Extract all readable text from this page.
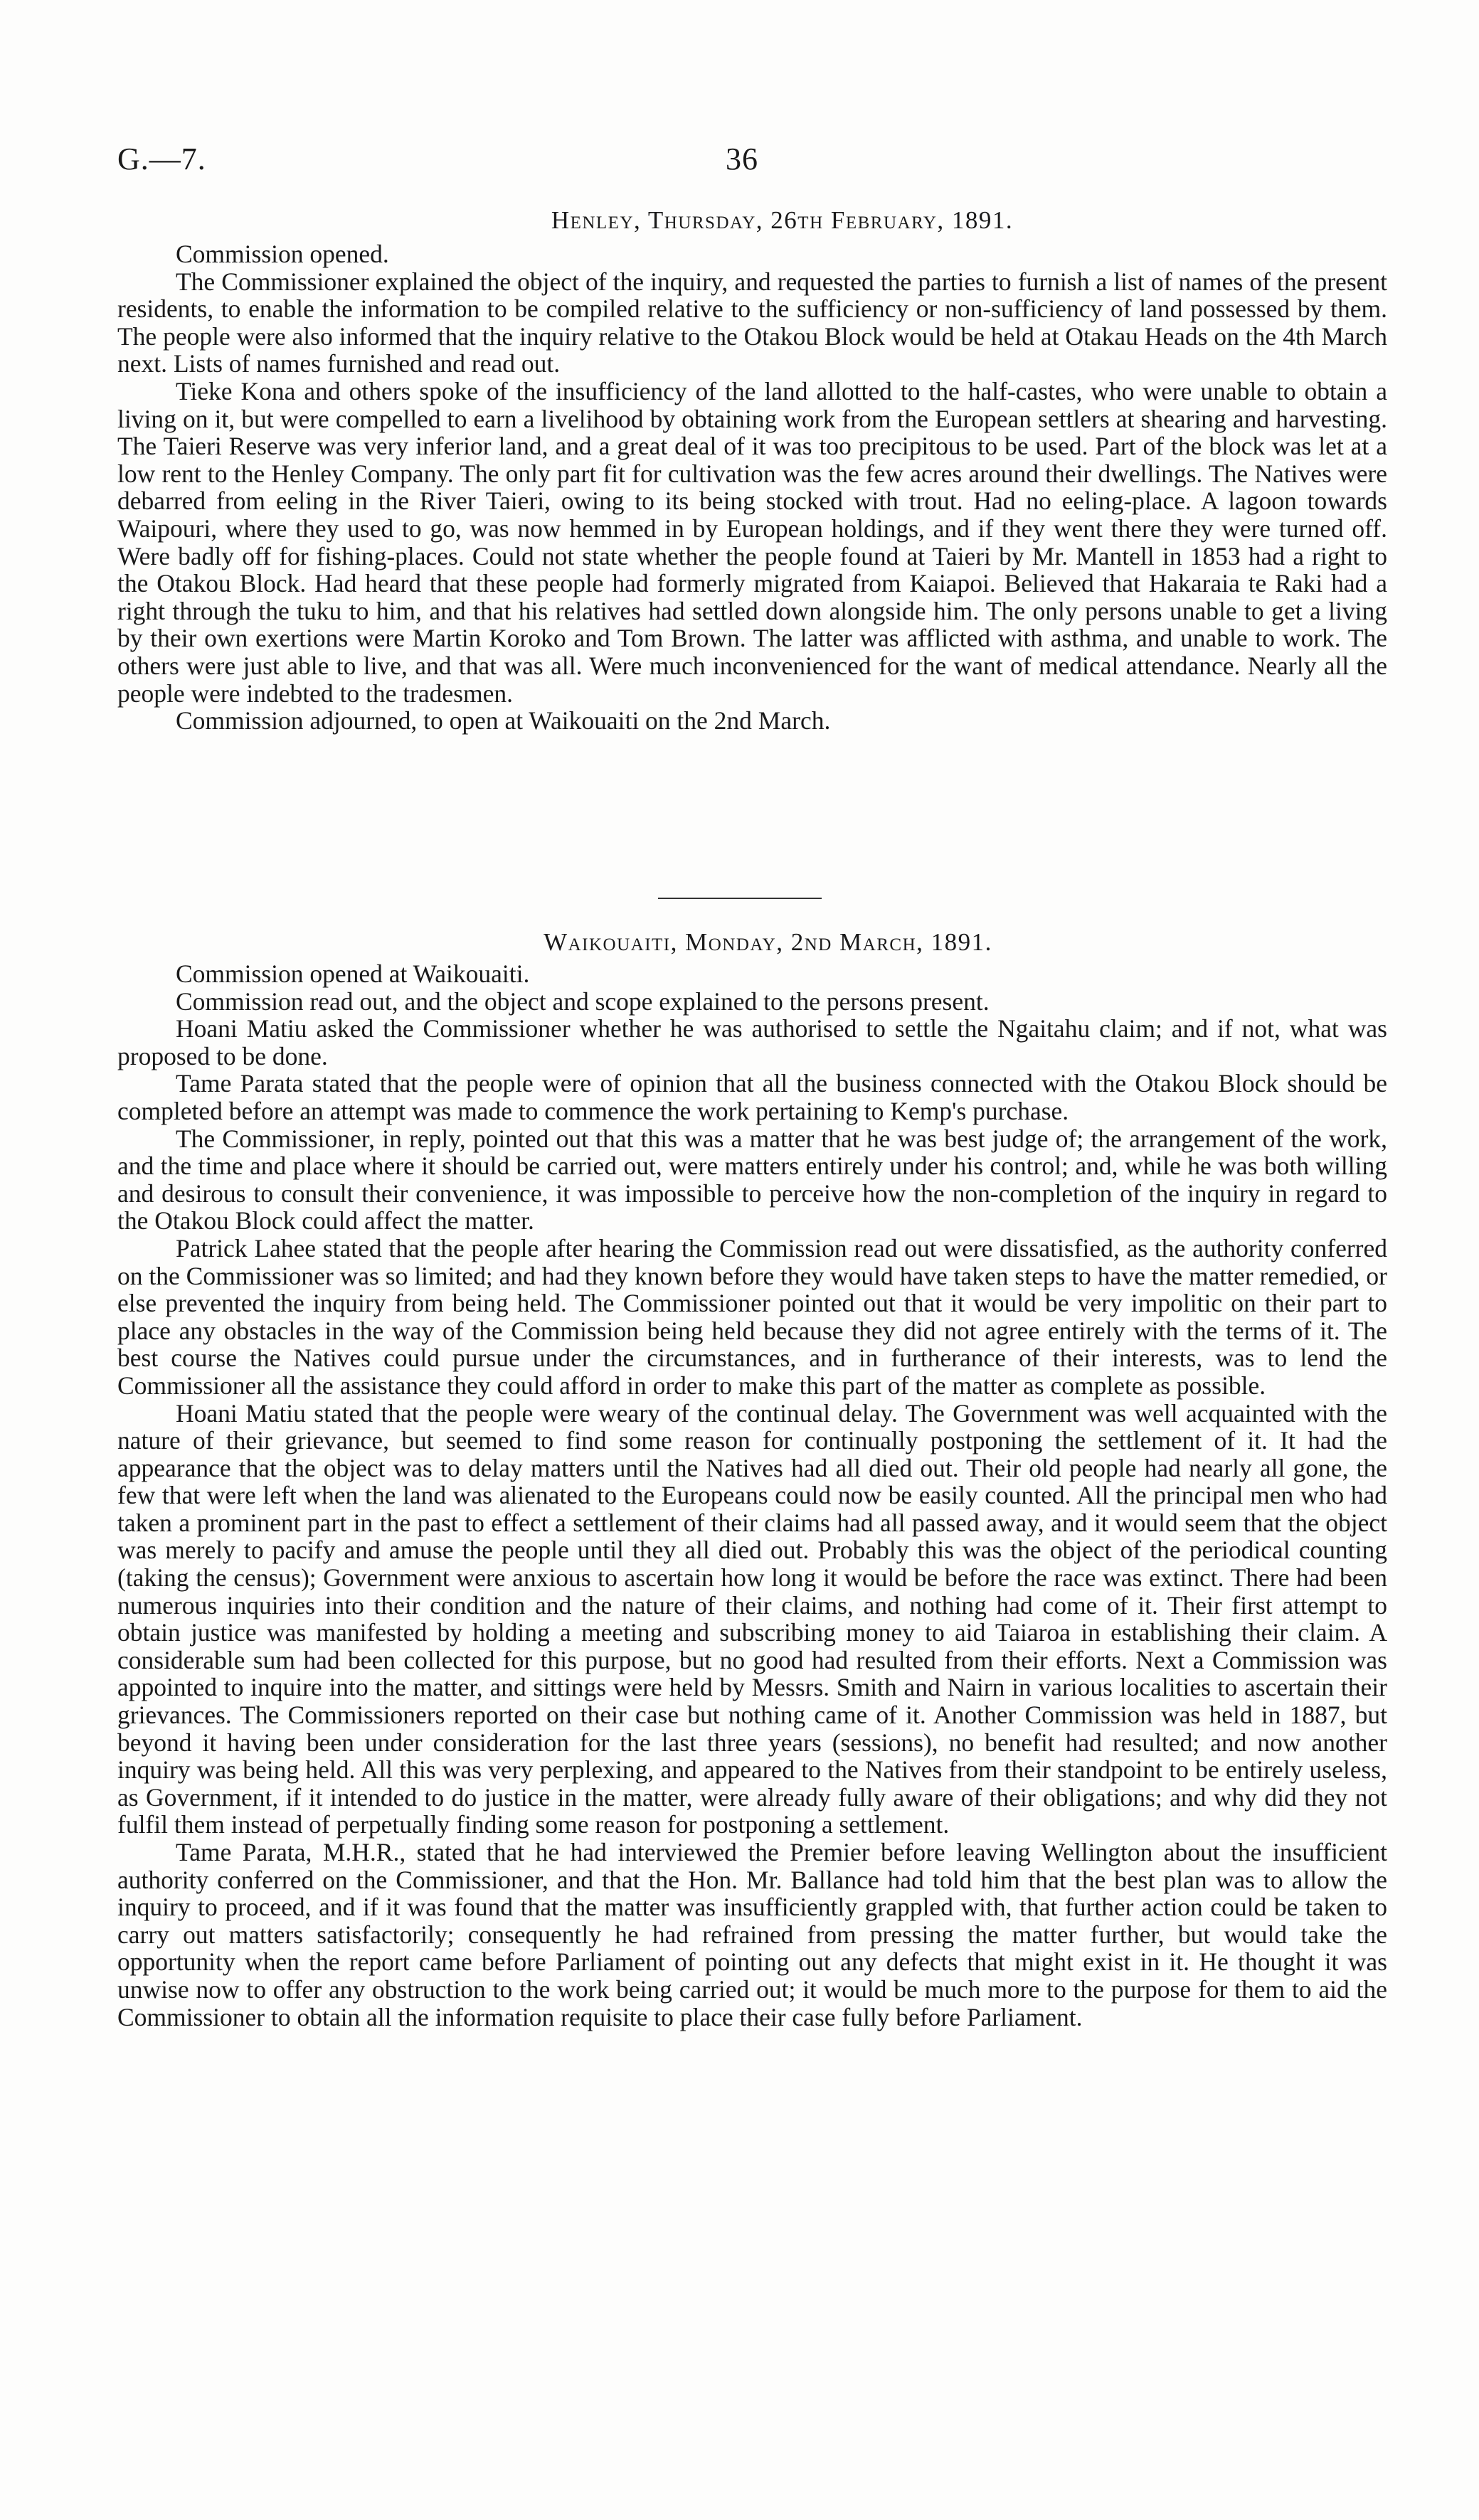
G.—7.	36
Henley, Thursday, 26th February, 1891.

Commission opened.

The Commissioner explained the object of the inquiry, and requested the parties to furnish a list of names of the present residents, to enable the information to be compiled relative to the sufficiency or non-sufficiency of land possessed by them. The people were also informed that the inquiry relative to the Otakou Block would be held at Otakau Heads on the 4th March next. Lists of names furnished and read out.

Tieke Kona and others spoke of the insufficiency of the land allotted to the half-castes, who were unable to obtain a living on it, but were compelled to earn a livelihood by obtaining work from the European settlers at shearing and harvesting. The Taieri Reserve was very inferior land, and a great deal of it was too precipitous to be used. Part of the block was let at a low rent to the Henley Company. The only part fit for cultivation was the few acres around their dwellings. The Natives were debarred from eeling in the River Taieri, owing to its being stocked with trout. Had no eeling-place. A lagoon towards Waipouri, where they used to go, was now hemmed in by European holdings, and if they went there they were turned off. Were badly off for fishing-places. Could not state whether the people found at Taieri by Mr. Mantell in 1853 had a right to the Otakou Block. Had heard that these people had formerly migrated from Kaiapoi. Believed that Hakaraia te Raki had a right through the tuku to him, and that his relatives had settled down alongside him. The only persons unable to get a living by their own exertions were Martin Koroko and Tom Brown. The latter was afflicted with asthma, and unable to work. The others were just able to live, and that was all. Were much inconvenienced for the want of medical attendance. Nearly all the people were indebted to the tradesmen.

Commission adjourned, to open at Waikouaiti on the 2nd March.

Waikouaiti, Monday, 2nd March, 1891.

Commission opened at Waikouaiti.

Commission read out, and the object and scope explained to the persons present.

Hoani Matiu asked the Commissioner whether he was authorised to settle the Ngaitahu claim; and if not, what was proposed to be done.

Tame Parata stated that the people were of opinion that all the business connected with the Otakou Block should be completed before an attempt was made to commence the work pertaining to Kemp's purchase.

The Commissioner, in reply, pointed out that this was a matter that he was best judge of; the arrangement of the work, and the time and place where it should be carried out, were matters entirely under his control; and, while he was both willing and desirous to consult their convenience, it was impossible to perceive how the non-completion of the inquiry in regard to the Otakou Block could affect the matter.

Patrick Lahee stated that the people after hearing the Commission read out were dissatisfied, as the authority conferred on the Commissioner was so limited; and had they known before they would have taken steps to have the matter remedied, or else prevented the inquiry from being held. The Commissioner pointed out that it would be very impolitic on their part to place any obstacles in the way of the Commission being held because they did not agree entirely with the terms of it. The best course the Natives could pursue under the circumstances, and in furtherance of their interests, was to lend the Commissioner all the assistance they could afford in order to make this part of the matter as complete as possible.

Hoani Matiu stated that the people were weary of the continual delay. The Government was well acquainted with the nature of their grievance, but seemed to find some reason for continually postponing the settlement of it. It had the appearance that the object was to delay matters until the Natives had all died out. Their old people had nearly all gone, the few that were left when the land was alienated to the Europeans could now be easily counted. All the principal men who had taken a prominent part in the past to effect a settlement of their claims had all passed away, and it would seem that the object was merely to pacify and amuse the people until they all died out. Probably this was the object of the periodical counting (taking the census); Government were anxious to ascertain how long it would be before the race was extinct. There had been numerous inquiries into their condition and the nature of their claims, and nothing had come of it. Their first attempt to obtain justice was manifested by holding a meeting and subscribing money to aid Taiaroa in establishing their claim. A considerable sum had been collected for this purpose, but no good had resulted from their efforts. Next a Commission was appointed to inquire into the matter, and sittings were held by Messrs. Smith and Nairn in various localities to ascertain their grievances. The Commissioners reported on their case but nothing came of it. Another Commission was held in 1887, but beyond it having been under consideration for the last three years (sessions), no benefit had resulted; and now another inquiry was being held. All this was very perplexing, and appeared to the Natives from their standpoint to be entirely useless, as Government, if it intended to do justice in the matter, were already fully aware of their obligations; and why did they not fulfil them instead of perpetually finding some reason for postponing a settlement.

Tame Parata, M.H.R., stated that he had interviewed the Premier before leaving Wellington about the insufficient authority conferred on the Commissioner, and that the Hon. Mr. Ballance had told him that the best plan was to allow the inquiry to proceed, and if it was found that the matter was insufficiently grappled with, that further action could be taken to carry out matters satisfactorily; consequently he had refrained from pressing the matter further, but would take the opportunity when the report came before Parliament of pointing out any defects that might exist in it. He thought it was unwise now to offer any obstruction to the work being carried out; it would be much more to the purpose for them to aid the Commissioner to obtain all the information requisite to place their case fully before Parliament.
